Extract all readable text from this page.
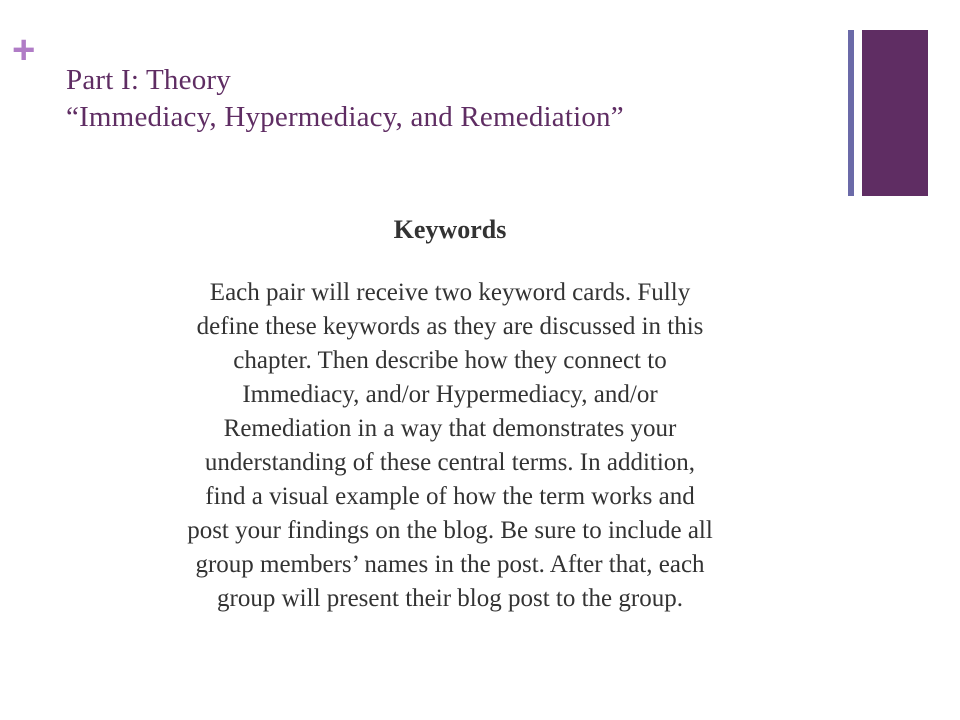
+
Part I: Theory
“Immediacy, Hypermediacy, and Remediation”
Keywords
Each pair will receive two keyword cards. Fully
define these keywords as they are discussed in this
chapter. Then describe how they connect to
Immediacy, and/or Hypermediacy, and/or
Remediation in a way that demonstrates your
understanding of these central terms. In addition,
find a visual example of how the term works and
post your findings on the blog. Be sure to include all
group members’ names in the post. After that, each
group will present their blog post to the group.
